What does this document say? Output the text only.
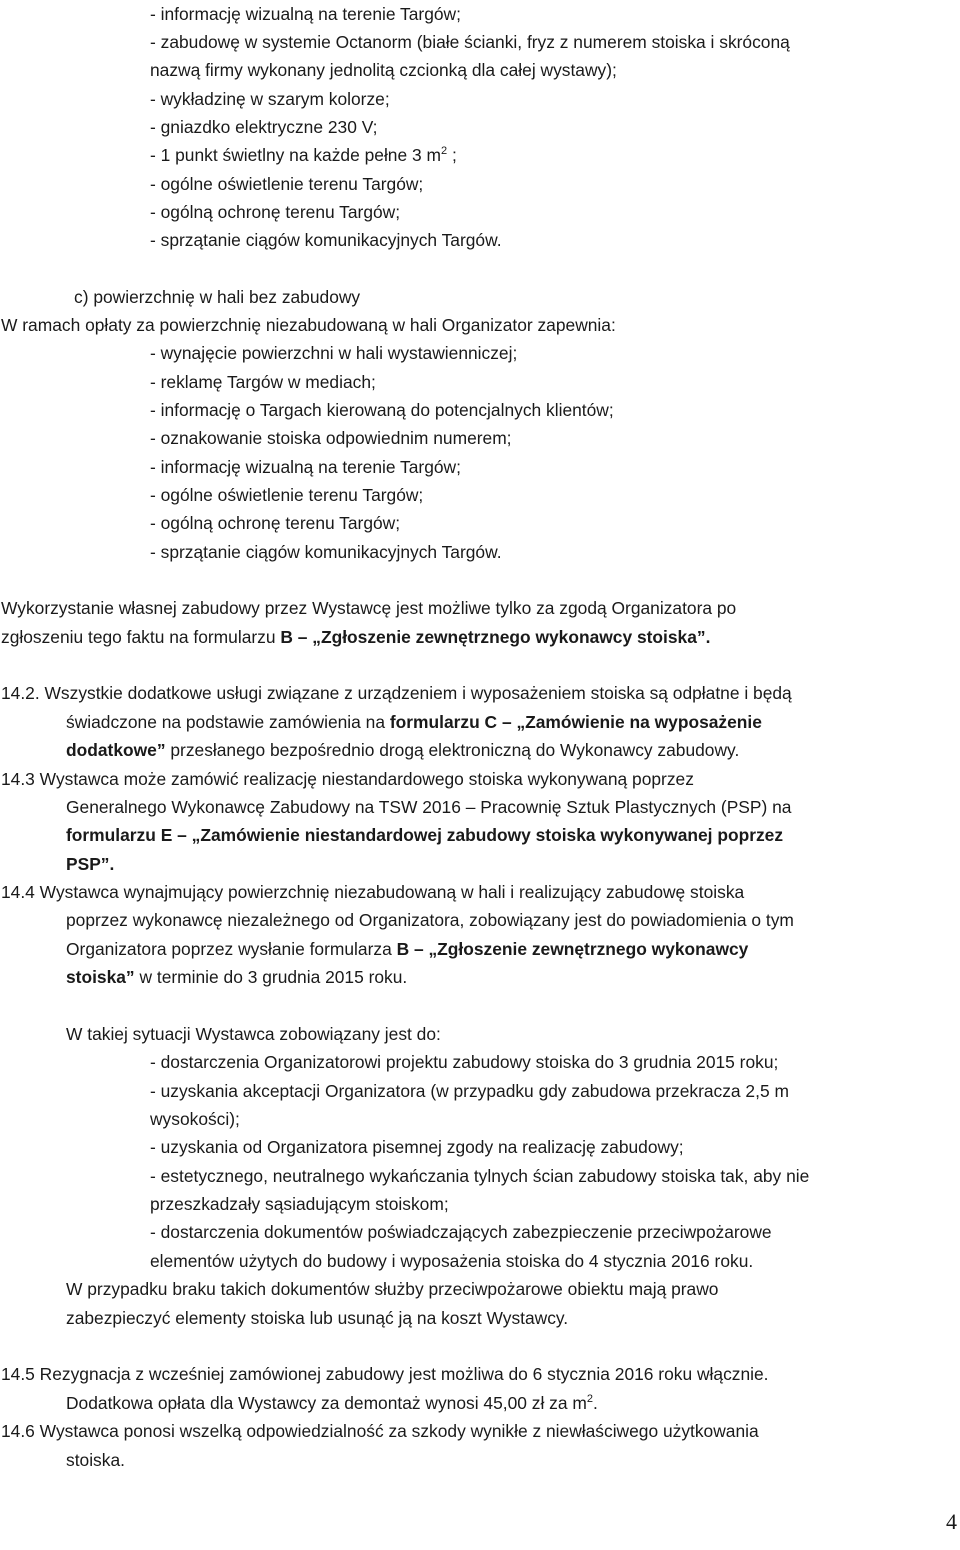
- informację wizualną na terenie Targów;
- zabudowę w systemie Octanorm (białe ścianki, fryz z numerem stoiska i skróconą
nazwą firmy wykonany jednolitą czcionką dla całej wystawy);
- wykładzinę w szarym kolorze;
- gniazdko elektryczne 230 V;
- 1 punkt świetlny na każde pełne 3 $m^2$ ;
- ogólne oświetlenie terenu Targów;
- ogólną ochronę terenu Targów;
- sprzątanie ciągów komunikacyjnych Targów.
c) powierzchnię w hali bez zabudowy
W ramach opłaty za powierzchnię niezabudowaną w hali Organizator zapewnia:
- wynajęcie powierzchni w hali wystawienniczej;
- reklamę Targów w mediach;
- informację o Targach kierowaną do potencjalnych klientów;
- oznakowanie stoiska odpowiednim numerem;
- informację wizualną na terenie Targów;
- ogólne oświetlenie terenu Targów;
- ogólną ochronę terenu Targów;
- sprzątanie ciągów komunikacyjnych Targów.
Wykorzystanie własnej zabudowy przez Wystawcę jest możliwe tylko za zgodą Organizatora po
zgłoszeniu tego faktu na formularzu B – „Zgłoszenie zewnętrznego wykonawcy stoiska”.
14.2. Wszystkie dodatkowe usługi związane z urządzeniem i wyposażeniem stoiska są odpłatne i będą
świadczone na podstawie zamówienia na formularzu C – „Zamówienie na wyposażenie
dodatkowe” przesłanego bezpośrednio drogą elektroniczną do Wykonawcy zabudowy.
14.3 Wystawca może zamówić realizację niestandardowego stoiska wykonywaną poprzez
Generalnego Wykonawcę Zabudowy na TSW 2016 – Pracownię Sztuk Plastycznych (PSP) na
formularzu E – „Zamówienie niestandardowej zabudowy stoiska wykonywanej poprzez
PSP”.
14.4 Wystawca wynajmujący powierzchnię niezabudowaną w hali i realizujący zabudowę stoiska
poprzez wykonawcę niezależnego od Organizatora, zobowiązany jest do powiadomienia o tym
Organizatora poprzez wysłanie formularza B – „Zgłoszenie zewnętrznego wykonawcy
stoiska” w terminie do 3 grudnia 2015 roku.
W takiej sytuacji Wystawca zobowiązany jest do:
- dostarczenia Organizatorowi projektu zabudowy stoiska do 3 grudnia 2015 roku;
- uzyskania akceptacji Organizatora (w przypadku gdy zabudowa przekracza 2,5 m
wysokości);
- uzyskania od Organizatora pisemnej zgody na realizację zabudowy;
- estetycznego, neutralnego wykańczania tylnych ścian zabudowy stoiska tak, aby nie
przeszkadzały sąsiadującym stoiskom;
- dostarczenia dokumentów poświadczających zabezpieczenie przeciwpożarowe
elementów użytych do budowy i wyposażenia stoiska do 4 stycznia 2016 roku.
W przypadku braku takich dokumentów służby przeciwpożarowe obiektu mają prawo
zabezpieczyć elementy stoiska lub usunąć ją na koszt Wystawcy.
14.5 Rezygnacja z wcześniej zamówionej zabudowy jest możliwa do 6 stycznia 2016 roku włącznie.
Dodatkowa opłata dla Wystawcy za demontaż wynosi 45,00 zł za $m^2$.
14.6 Wystawca ponosi wszelką odpowiedzialność za szkody wynikłe z niewłaściwego użytkowania
stoiska.
4
